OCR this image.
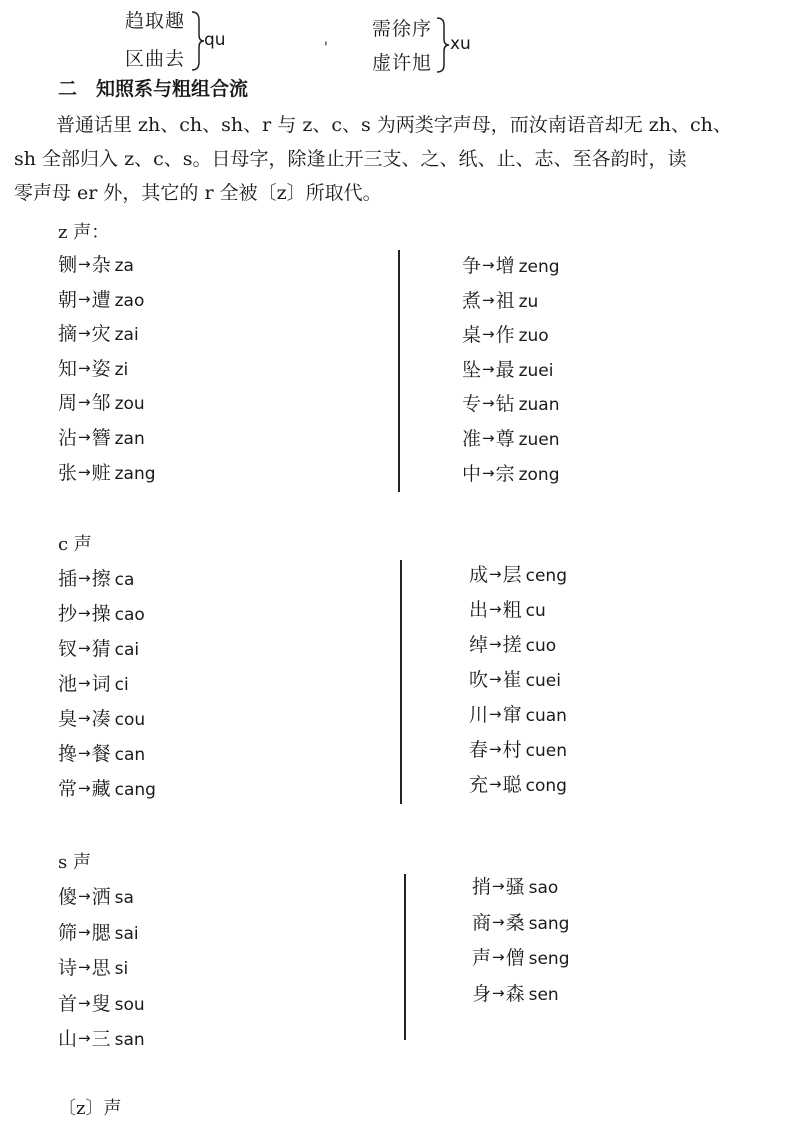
趋取趣
区曲去
qu	'
需徐序
虚许旭
xu
二　知照系与粗组合流
普通话里 zh、ch、sh、r 与 z、c、s 为两类字声母，而汝南语音却无 zh、ch、
sh 全部归入 z、c、s。日母字，除逢止开三支、之、纸、止、志、至各韵时，读
零声母 er 外，其它的 r 全被〔z〕所取代。
z 声：
c 声
s 声
〔z〕声
铡→杂 za
朝→遭 zao
摘→灾 zai
知→姿 zi
周→邹 zou
沾→簪 zan
张→赃 zang
争→增 zeng
煮→祖 zu
桌→作 zuo
坠→最 zuei
专→钻 zuan
准→尊 zuen
中→宗 zong
插→擦 ca
抄→操 cao
钗→猜 cai
池→词 ci
臭→凑 cou
搀→餐 can
常→藏 cang
成→层 ceng
出→粗 cu
绰→搓 cuo
吹→崔 cuei
川→窜 cuan
春→村 cuen
充→聪 cong
傻→洒 sa
筛→腮 sai
诗→思 si
首→叟 sou
山→三 san
捎→骚 sao
商→桑 sang
声→僧 seng
身→森 sen
